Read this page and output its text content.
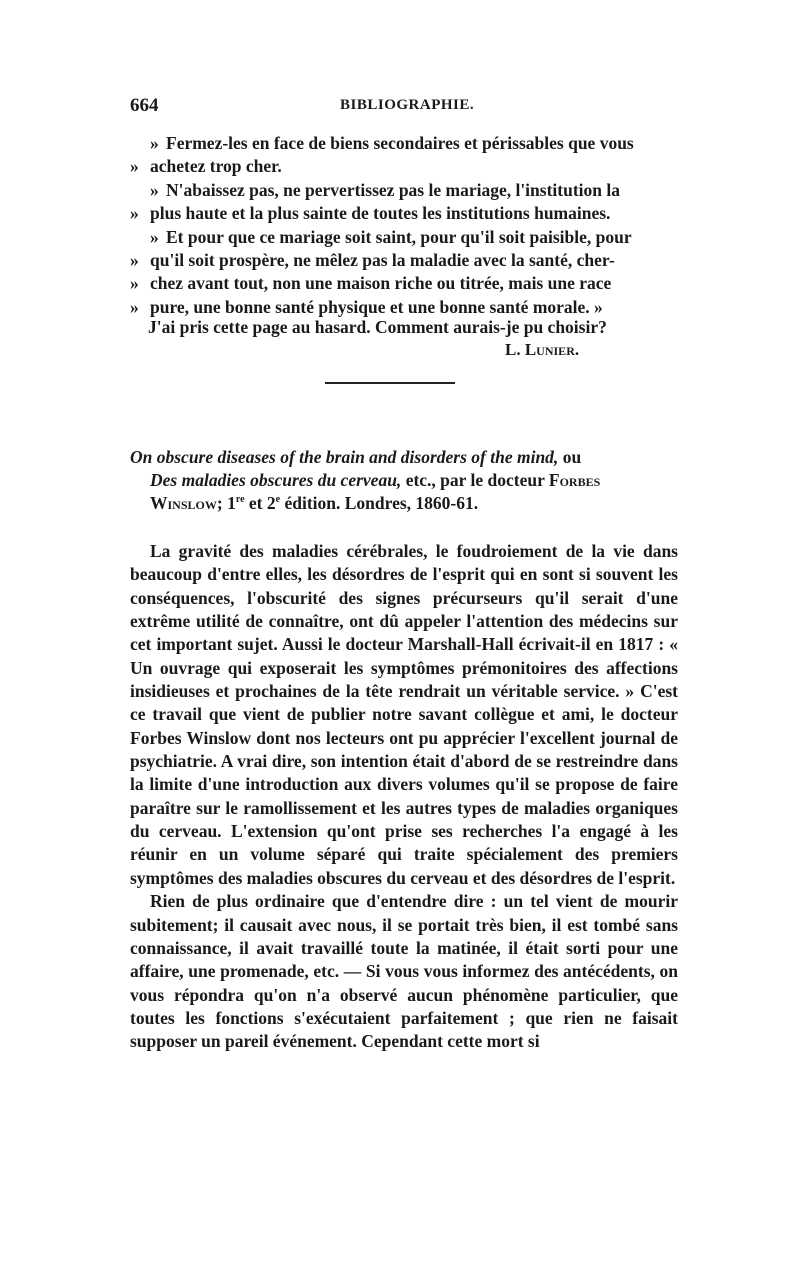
664	BIBLIOGRAPHIE.
» Fermez-les en face de biens secondaires et périssables que vous
» achetez trop cher.
» N'abaissez pas, ne pervertissez pas le mariage, l'institution la
» plus haute et la plus sainte de toutes les institutions humaines.
» Et pour que ce mariage soit saint, pour qu'il soit paisible, pour
» qu'il soit prospère, ne mêlez pas la maladie avec la santé, cher-
» chez avant tout, non une maison riche ou titrée, mais une race
» pure, une bonne santé physique et une bonne santé morale. »
J'ai pris cette page au hasard. Comment aurais-je pu choisir?
L. Lunier.
On obscure diseases of the brain and disorders of the mind, ou
Des maladies obscures du cerveau, etc., par le docteur Forbes
Winslow; 1re et 2e édition. Londres, 1860-61.

La gravité des maladies cérébrales, le foudroiement de la vie dans beaucoup d'entre elles, les désordres de l'esprit qui en sont si souvent les conséquences, l'obscurité des signes précurseurs qu'il serait d'une extrême utilité de connaître, ont dû appeler l'attention des médecins sur cet important sujet. Aussi le docteur Marshall-Hall écrivait-il en 1817 : « Un ouvrage qui exposerait les symptômes prémonitoires des affections insidieuses et prochaines de la tête rendrait un véritable service. » C'est ce travail que vient de publier notre savant collègue et ami, le docteur Forbes Winslow dont nos lecteurs ont pu apprécier l'excellent journal de psychiatrie. A vrai dire, son intention était d'abord de se restreindre dans la limite d'une introduction aux divers volumes qu'il se propose de faire paraître sur le ramollissement et les autres types de maladies organiques du cerveau. L'extension qu'ont prise ses recherches l'a engagé à les réunir en un volume séparé qui traite spécialement des premiers symptômes des maladies obscures du cerveau et des désordres de l'esprit.

Rien de plus ordinaire que d'entendre dire : un tel vient de mourir subitement; il causait avec nous, il se portait très bien, il est tombé sans connaissance, il avait travaillé toute la matinée, il était sorti pour une affaire, une promenade, etc. — Si vous vous informez des antécédents, on vous répondra qu'on n'a observé aucun phénomène particulier, que toutes les fonctions s'exécutaient parfaitement ; que rien ne faisait supposer un pareil événement. Cependant cette mort si
